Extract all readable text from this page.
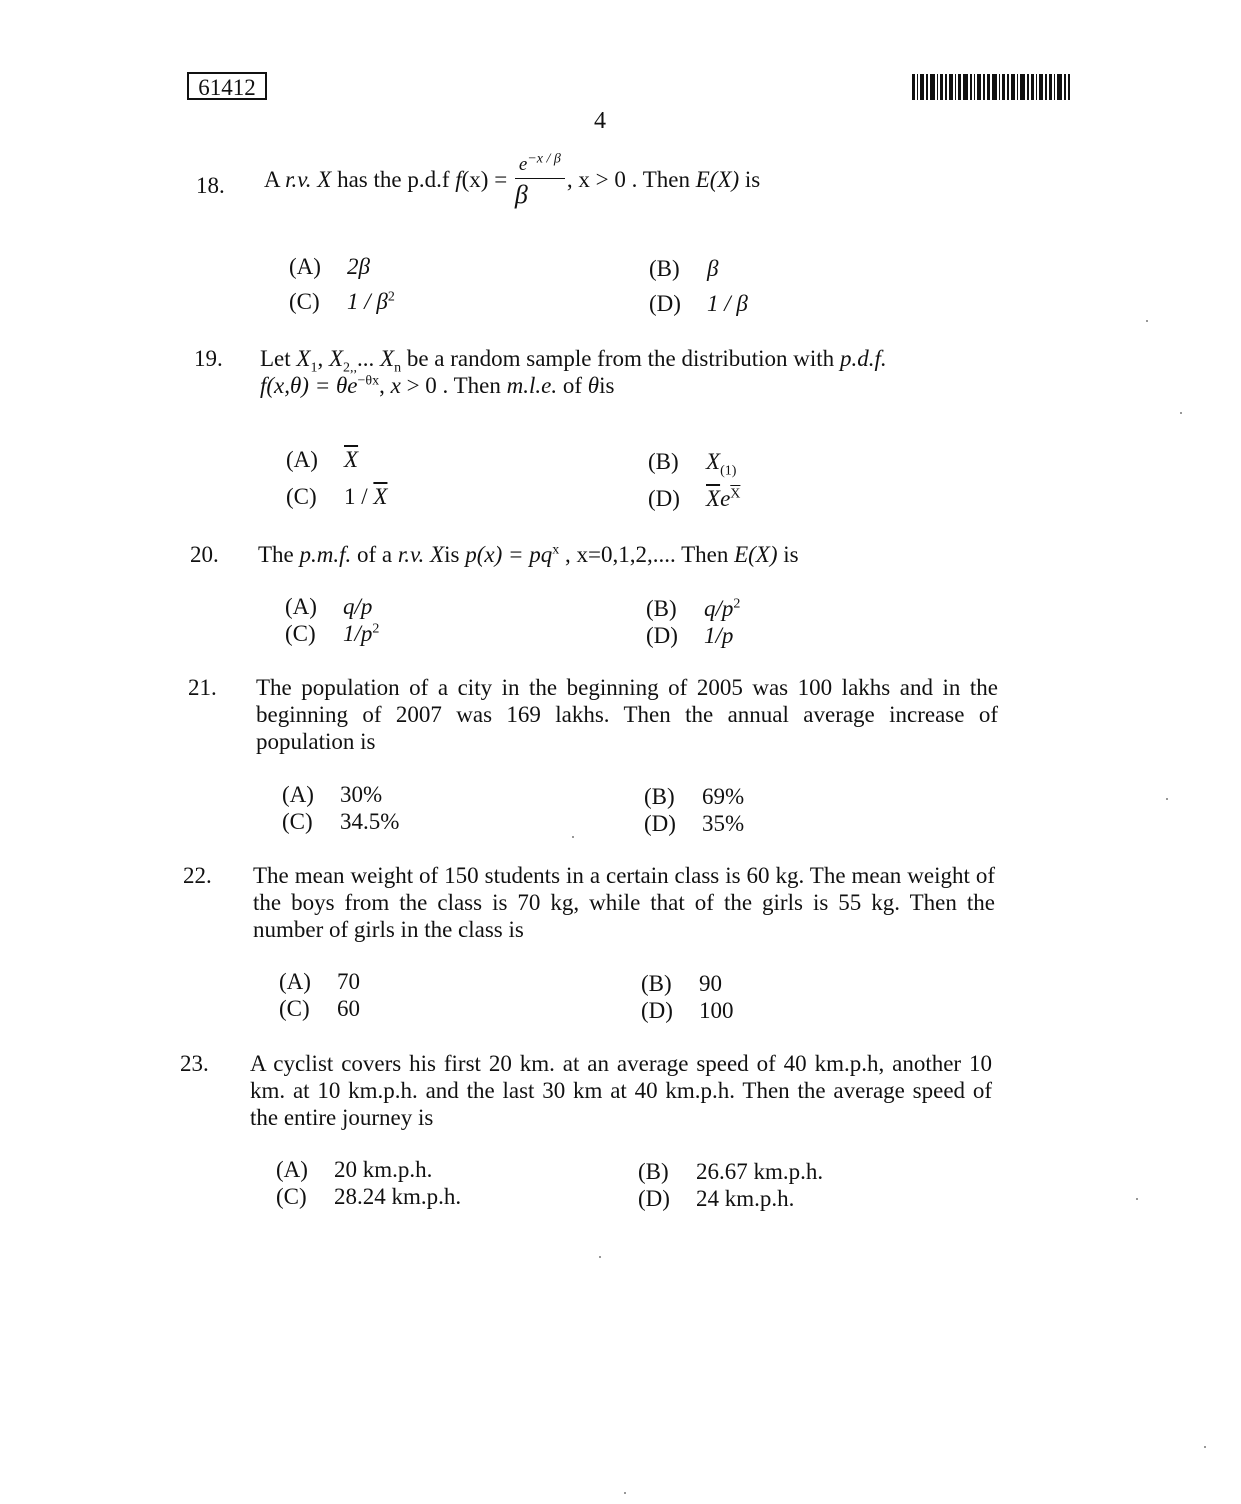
61412
4
18.	A r.v. X has the p.d.f $f(x) = \frac{e^{-x / \beta}}{\beta}$ , x > 0 . Then E(X) is
(A) 2β	(B) β
(C) $1 / \beta^2$	(D) 1 / β
19.	Let $X_1$, $X_{2,,}$... $X_n$ be a random sample from the distribution with p.d.f.
$f(x,\theta) = \theta e^{-\theta x}$, x > 0 . Then m.l.e. of θis
(A) $\overline{X}$	(B) $X_{(1)}$
(C) $1 / \overline{X}$	(D) $\overline{X}e^{\overline{X}}$
20.	The p.m.f. of a r.v. Xis $p(x) = pq^x$ , x=0,1,2,.... Then E(X) is
(A) q/p	(B) $q/p^2$
(C) $1/p^2$	(D) 1/p
21.	The population of a city in the beginning of 2005 was 100 lakhs and in the beginning of 2007 was 169 lakhs. Then the annual average increase of population is
(A) 30%	(B) 69%
(C) 34.5%	(D) 35%
22.	The mean weight of 150 students in a certain class is 60 kg. The mean weight of the boys from the class is 70 kg, while that of the girls is 55 kg. Then the number of girls in the class is
(A) 70	(B) 90
(C) 60	(D) 100
23.	A cyclist covers his first 20 km. at an average speed of 40 km.p.h, another 10 km. at 10 km.p.h. and the last 30 km at 40 km.p.h. Then the average speed of the entire journey is
(A) 20 km.p.h.	(B) 26.67 km.p.h.
(C) 28.24 km.p.h.	(D) 24 km.p.h.
